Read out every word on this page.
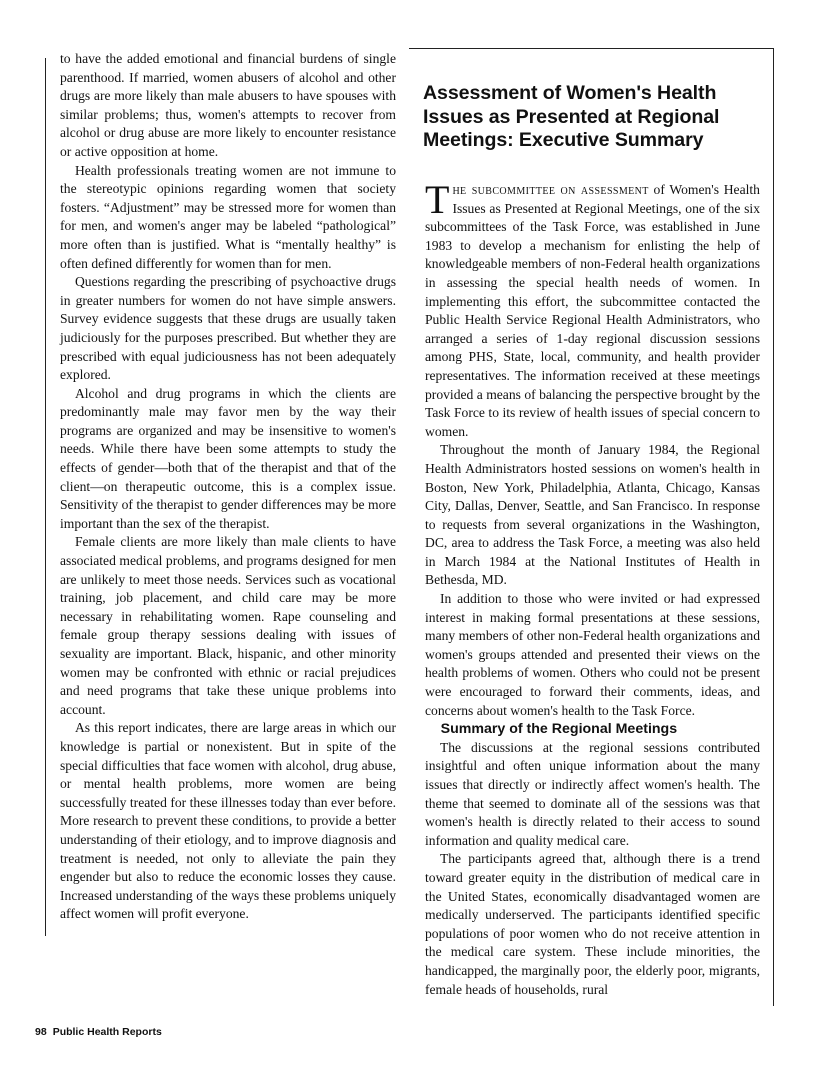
to have the added emotional and financial burdens of single parenthood. If married, women abusers of alcohol and other drugs are more likely than male abusers to have spouses with similar problems; thus, women's attempts to recover from alcohol or drug abuse are more likely to encounter resistance or active opposition at home.

Health professionals treating women are not immune to the stereotypic opinions regarding women that society fosters. “Adjustment” may be stressed more for women than for men, and women's anger may be labeled “pathological” more often than is justified. What is “mentally healthy” is often defined differently for women than for men.

Questions regarding the prescribing of psychoactive drugs in greater numbers for women do not have simple answers. Survey evidence suggests that these drugs are usually taken judiciously for the purposes prescribed. But whether they are prescribed with equal judiciousness has not been adequately explored.

Alcohol and drug programs in which the clients are predominantly male may favor men by the way their programs are organized and may be insensitive to women's needs. While there have been some attempts to study the effects of gender—both that of the therapist and that of the client—on therapeutic outcome, this is a complex issue. Sensitivity of the therapist to gender differences may be more important than the sex of the therapist.

Female clients are more likely than male clients to have associated medical problems, and programs designed for men are unlikely to meet those needs. Services such as vocational training, job placement, and child care may be more necessary in rehabilitating women. Rape counseling and female group therapy sessions dealing with issues of sexuality are important. Black, hispanic, and other minority women may be confronted with ethnic or racial prejudices and need programs that take these unique problems into account.

As this report indicates, there are large areas in which our knowledge is partial or nonexistent. But in spite of the special difficulties that face women with alcohol, drug abuse, or mental health problems, more women are being successfully treated for these illnesses today than ever before. More research to prevent these conditions, to provide a better understanding of their etiology, and to improve diagnosis and treatment is needed, not only to alleviate the pain they engender but also to reduce the economic losses they cause. Increased understanding of the ways these problems uniquely affect women will profit everyone.

Assessment of Women's Health Issues as Presented at Regional Meetings: Executive Summary

The subcommittee on assessment of Women's Health Issues as Presented at Regional Meetings, one of the six subcommittees of the Task Force, was established in June 1983 to develop a mechanism for enlisting the help of knowledgeable members of non-Federal health organizations in assessing the special health needs of women. In implementing this effort, the subcommittee contacted the Public Health Service Regional Health Administrators, who arranged a series of 1-day regional discussion sessions among PHS, State, local, community, and health provider representatives. The information received at these meetings provided a means of balancing the perspective brought by the Task Force to its review of health issues of special concern to women.

Throughout the month of January 1984, the Regional Health Administrators hosted sessions on women's health in Boston, New York, Philadelphia, Atlanta, Chicago, Kansas City, Dallas, Denver, Seattle, and San Francisco. In response to requests from several organizations in the Washington, DC, area to address the Task Force, a meeting was also held in March 1984 at the National Institutes of Health in Bethesda, MD.

In addition to those who were invited or had expressed interest in making formal presentations at these sessions, many members of other non-Federal health organizations and women's groups attended and presented their views on the health problems of women. Others who could not be present were encouraged to forward their comments, ideas, and concerns about women's health to the Task Force.

Summary of the Regional Meetings

The discussions at the regional sessions contributed insightful and often unique information about the many issues that directly or indirectly affect women's health. The theme that seemed to dominate all of the sessions was that women's health is directly related to their access to sound information and quality medical care.

The participants agreed that, although there is a trend toward greater equity in the distribution of medical care in the United States, economically disadvantaged women are medically underserved. The participants identified specific populations of poor women who do not receive attention in the medical care system. These include minorities, the handicapped, the marginally poor, the elderly poor, migrants, female heads of households, rural

98 Public Health Reports
